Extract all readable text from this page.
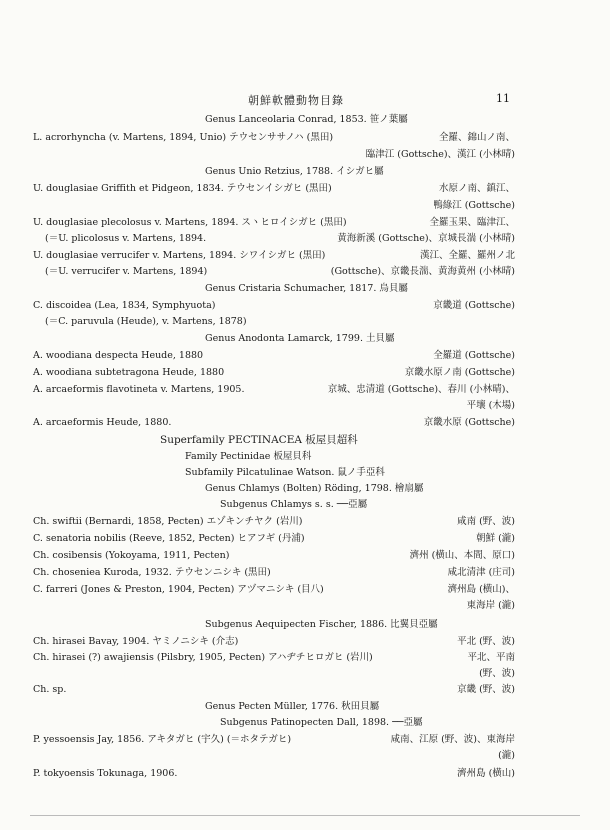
朝鮮軟體動物目錄	11
Genus Lanceolaria Conrad, 1853. 笹ノ葉屬
L. acrorhyncha (v. Martens, 1894, Unio) テウセンササノハ (黒田)	全羅、錦山ノ南、
臨津江 (Gottsche)、漢江 (小林晴)
Genus Unio Retzius, 1788. イシガヒ屬
U. douglasiae Griffith et Pidgeon, 1834. テウセンイシガヒ (黒田)	水原ノ南、鎮江、
鴨綠江 (Gottsche)
U. douglasiae plecolosus v. Martens, 1894. スヽヒロイシガヒ (黒田)	全羅玉果、臨津江、
(＝U. plicolosus v. Martens, 1894.	黄海新溪 (Gottsche)、京城長湍 (小林晴)
U. douglasiae verrucifer v. Martens, 1894. シワイシガヒ (黒田)	漢江、全羅、羅州ノ北
(＝U. verrucifer v. Martens, 1894)	(Gottsche)、京畿長湍、黄海黄州 (小林晴)
Genus Cristaria Schumacher, 1817. 烏貝屬
C. discoidea (Lea, 1834, Symphyuota)	京畿道 (Gottsche)
(＝C. paruvula (Heude), v. Martens, 1878)
Genus Anodonta Lamarck, 1799. 土貝屬
A. woodiana despecta Heude, 1880	全羅道 (Gottsche)
A. woodiana subtetragona Heude, 1880	京畿水原ノ南 (Gottsche)
A. arcaeformis flavotineta v. Martens, 1905.	京城、忠清道 (Gottsche)、春川 (小林晴)、
平壤 (木場)
A. arcaeformis Heude, 1880.	京畿水原 (Gottsche)
Superfamily PECTINACEA 板屋貝超科
Family Pectinidae 板屋貝科
Subfamily Pilcatulinae Watson. 鼠ノ手亞科
Genus Chlamys (Bolten) Röding, 1798. 檜扇屬
Subgenus Chlamys s. s. ──亞屬
Ch. swiftii (Bernardi, 1858, Pecten) エゾキンチヤク (岩川)	咸南 (野、波)
C. senatoria nobilis (Reeve, 1852, Pecten) ヒアフギ (丹浦)	朝鮮 (瀧)
Ch. cosibensis (Yokoyama, 1911, Pecten)	濟州 (横山、本間、原口)
Ch. choseniea Kuroda, 1932. テウセンニシキ (黒田)	咸北清津 (庄司)
C. farreri (Jones & Preston, 1904, Pecten) アヅマニシキ (目八)	濟州島 (横山)、
東海岸 (瀧)
Subgenus Aequipecten Fischer, 1886. 比翼貝亞屬
Ch. hirasei Bavay, 1904. ヤミノニシキ (介志)	平北 (野、波)
Ch. hirasei (?) awajiensis (Pilsbry, 1905, Pecten) アハヂチヒロガヒ (岩川)	平北、平南
(野、波)
Ch. sp.	京畿 (野、波)
Genus Pecten Müller, 1776. 秋田貝屬
Subgenus Patinopecten Dall, 1898. ──亞屬
P. yessoensis Jay, 1856. アキタガヒ (宇久) (＝ホタテガヒ)	咸南、江原 (野、波)、東海岸
(瀧)
P. tokyoensis Tokunaga, 1906.	濟州島 (横山)
